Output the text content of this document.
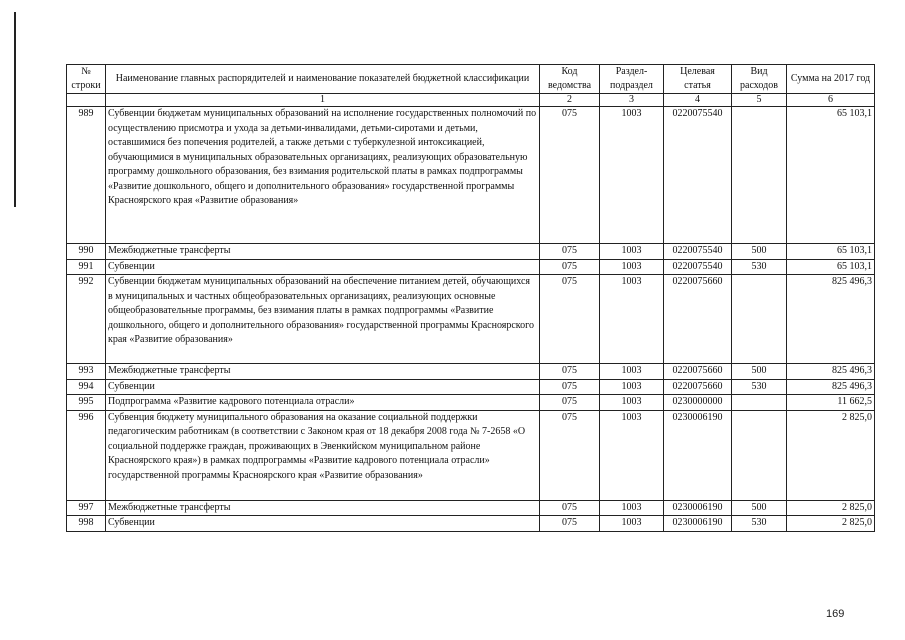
№ строки	Наименование главных распорядителей и наименование показателей бюджетной классификации	Код ведомства	Раздел-подраздел	Целевая статья	Вид расходов	Сумма на 2017 год
	1	2	3	4	5	6
989	Субвенции бюджетам муниципальных образований на исполнение государственных полномочий по осуществлению присмотра и ухода за детьми-инвалидами, детьми-сиротами и детьми, оставшимися без попечения родителей, а также детьми с туберкулезной интоксикацией, обучающимися в муниципальных образовательных организациях, реализующих образовательную программу дошкольного образования, без взимания родительской платы в рамках подпрограммы «Развитие дошкольного, общего и дополнительного образования» государственной программы Красноярского края «Развитие образования»	075	1003	0220075540		65 103,1
990	Межбюджетные трансферты	075	1003	0220075540	500	65 103,1
991	Субвенции	075	1003	0220075540	530	65 103,1
992	Субвенции бюджетам муниципальных образований на обеспечение питанием детей, обучающихся в муниципальных и частных общеобразовательных организациях, реализующих основные общеобразовательные программы, без взимания платы в рамках подпрограммы «Развитие дошкольного, общего и дополнительного образования» государственной программы Красноярского края «Развитие образования»	075	1003	0220075660		825 496,3
993	Межбюджетные трансферты	075	1003	0220075660	500	825 496,3
994	Субвенции	075	1003	0220075660	530	825 496,3
995	Подпрограмма «Развитие кадрового потенциала отрасли»	075	1003	0230000000		11 662,5
996	Субвенция бюджету муниципального образования на оказание социальной поддержки педагогическим работникам (в соответствии с Законом края от 18 декабря 2008 года № 7-2658 «О социальной поддержке граждан, проживающих в Эвенкийском муниципальном районе Красноярского края») в рамках подпрограммы «Развитие кадрового потенциала отрасли» государственной программы Красноярского края «Развитие образования»	075	1003	0230006190		2 825,0
997	Межбюджетные трансферты	075	1003	0230006190	500	2 825,0
998	Субвенции	075	1003	0230006190	530	2 825,0
169
